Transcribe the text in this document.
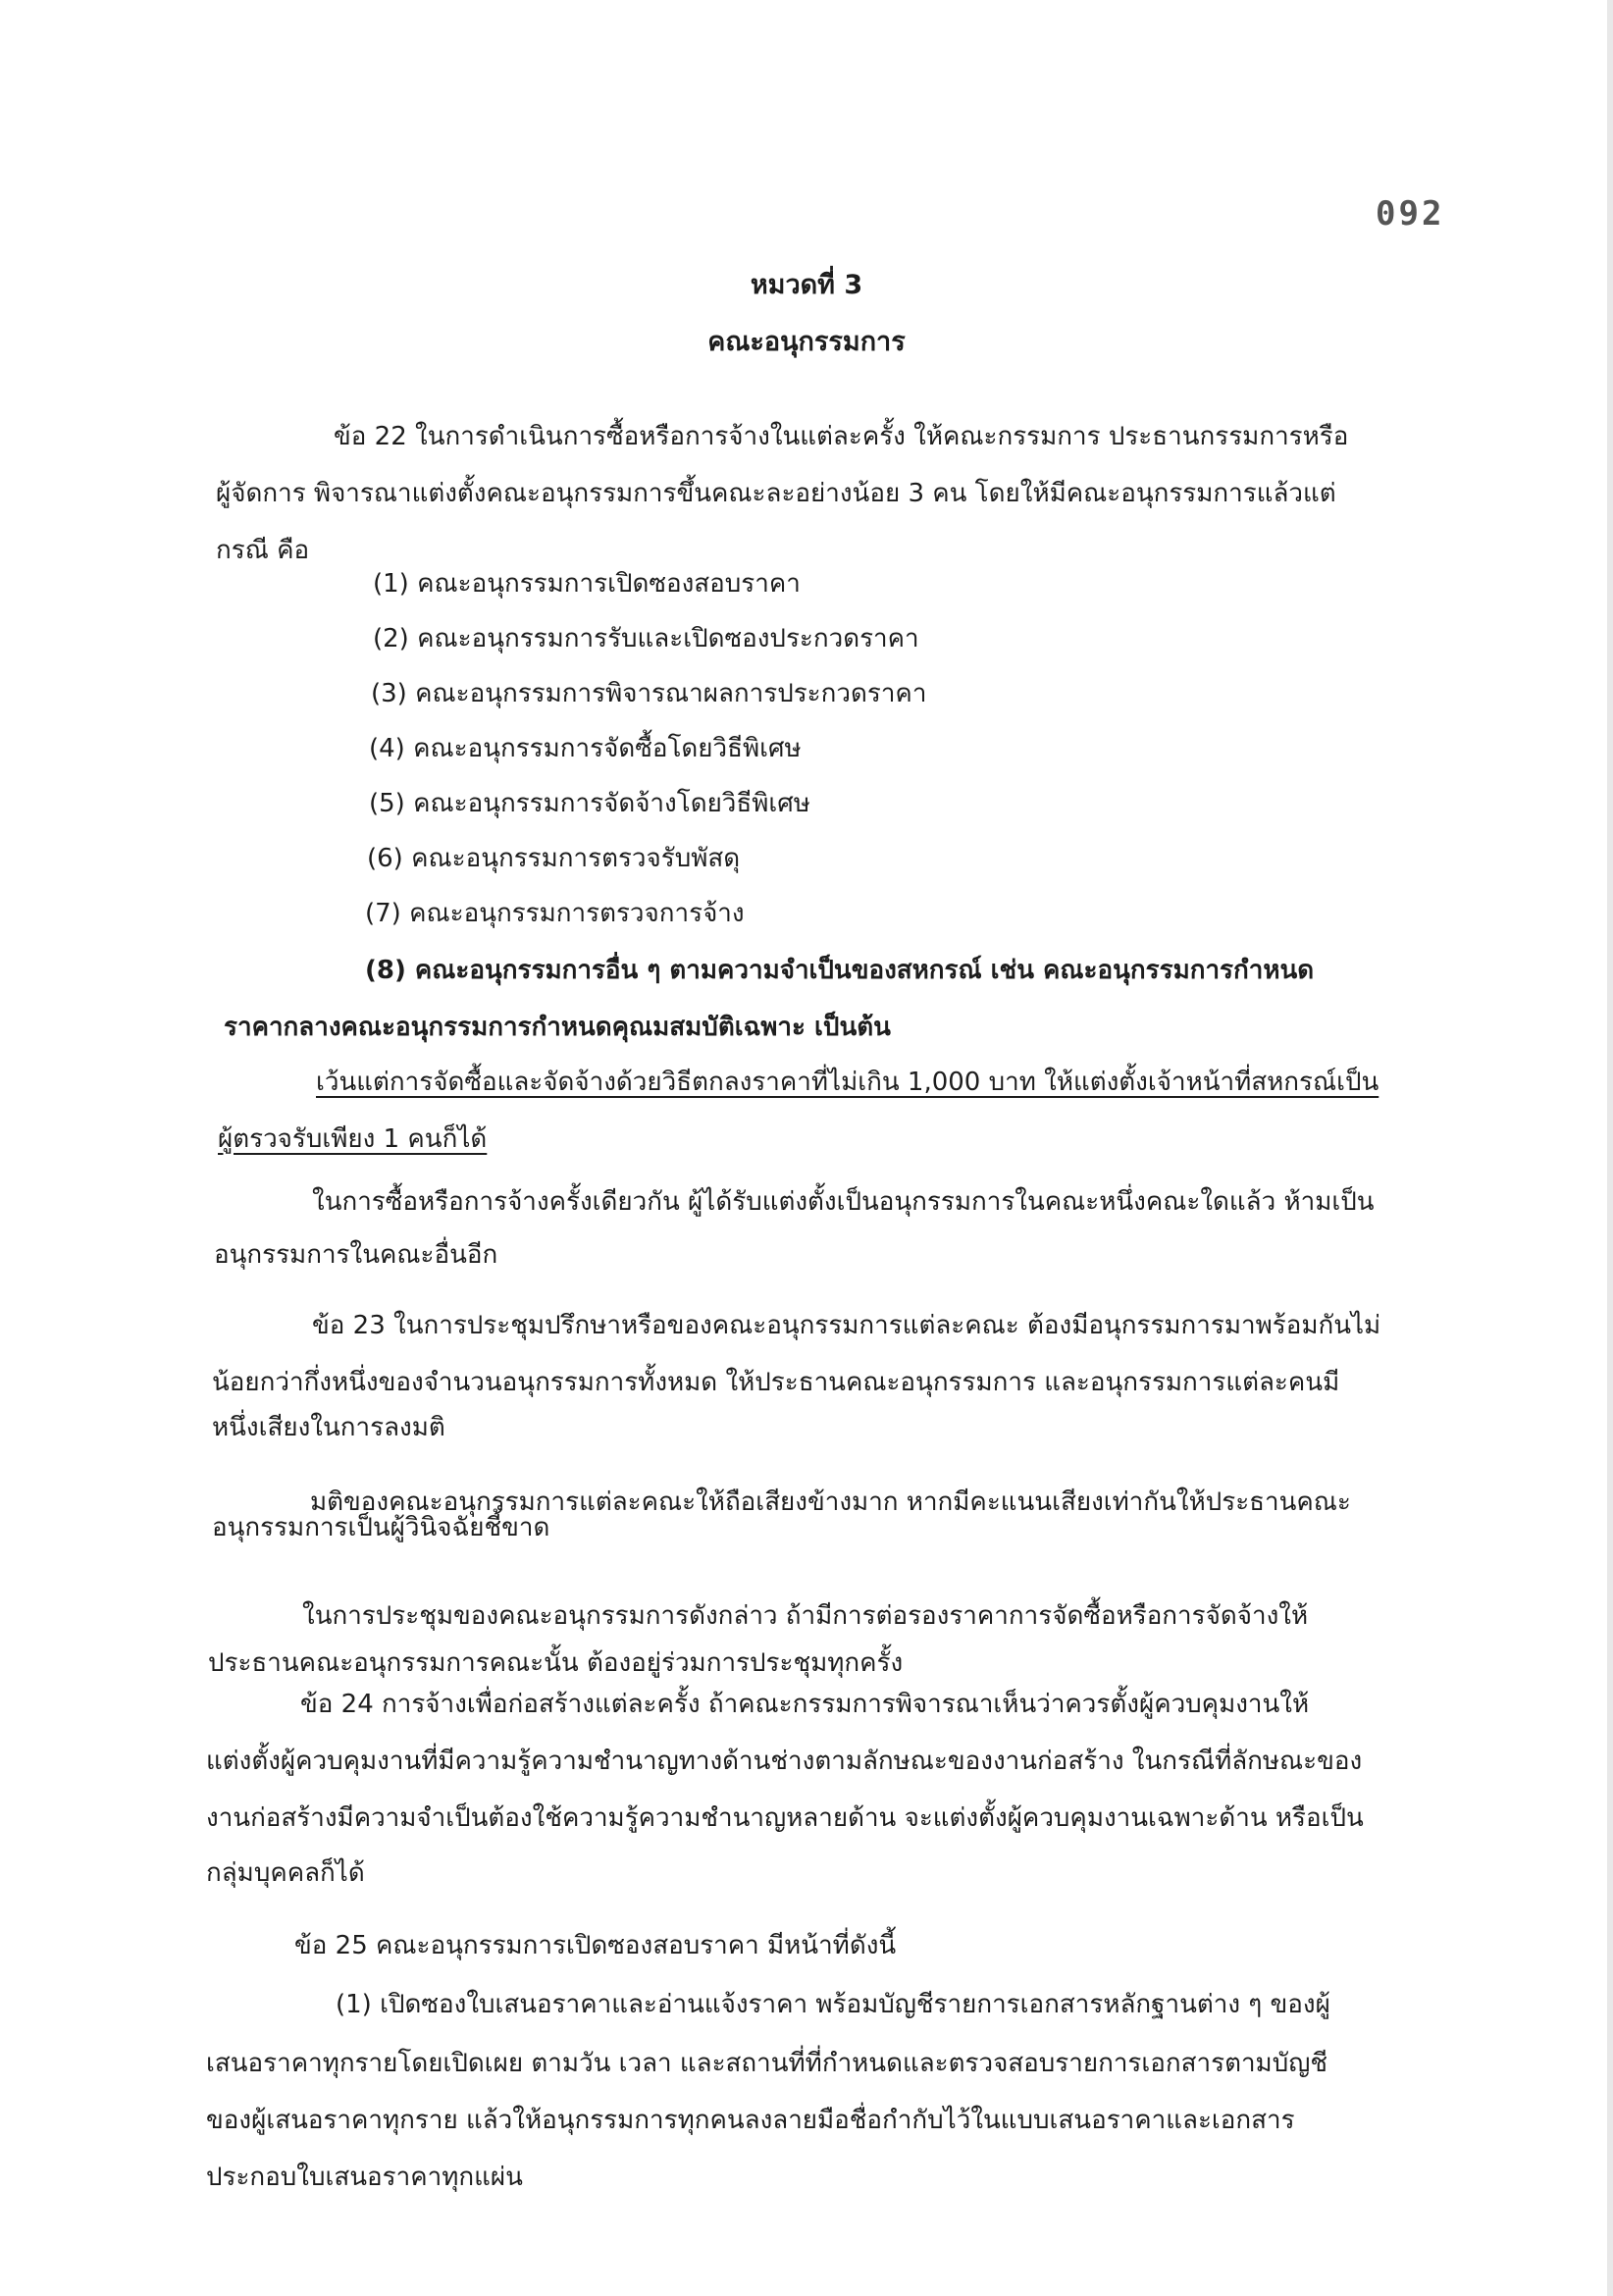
092
หมวดที่ 3
คณะอนุกรรมการ
ข้อ 22 ในการดำเนินการซื้อหรือการจ้างในแต่ละครั้ง ให้คณะกรรมการ ประธานกรรมการหรือ
ผู้จัดการ พิจารณาแต่งตั้งคณะอนุกรรมการขึ้นคณะละอย่างน้อย 3 คน โดยให้มีคณะอนุกรรมการแล้วแต่
กรณี คือ
(1) คณะอนุกรรมการเปิดซองสอบราคา
(2) คณะอนุกรรมการรับและเปิดซองประกวดราคา
(3) คณะอนุกรรมการพิจารณาผลการประกวดราคา
(4) คณะอนุกรรมการจัดซื้อโดยวิธีพิเศษ
(5) คณะอนุกรรมการจัดจ้างโดยวิธีพิเศษ
(6) คณะอนุกรรมการตรวจรับพัสดุ
(7) คณะอนุกรรมการตรวจการจ้าง
(8) คณะอนุกรรมการอื่น ๆ ตามความจำเป็นของสหกรณ์ เช่น คณะอนุกรรมการกำหนด
ราคากลางคณะอนุกรรมการกำหนดคุณมสมบัติเฉพาะ เป็นต้น
เว้นแต่การจัดซื้อและจัดจ้างด้วยวิธีตกลงราคาที่ไม่เกิน 1,000 บาท ให้แต่งตั้งเจ้าหน้าที่สหกรณ์เป็น
ผู้ตรวจรับเพียง 1 คนก็ได้
ในการซื้อหรือการจ้างครั้งเดียวกัน ผู้ได้รับแต่งตั้งเป็นอนุกรรมการในคณะหนึ่งคณะใดแล้ว ห้ามเป็น
อนุกรรมการในคณะอื่นอีก
ข้อ 23 ในการประชุมปรึกษาหรือของคณะอนุกรรมการแต่ละคณะ ต้องมีอนุกรรมการมาพร้อมกันไม่
น้อยกว่ากึ่งหนึ่งของจำนวนอนุกรรมการทั้งหมด ให้ประธานคณะอนุกรรมการ และอนุกรรมการแต่ละคนมี
หนึ่งเสียงในการลงมติ
มติของคณะอนุกรรมการแต่ละคณะให้ถือเสียงข้างมาก หากมีคะแนนเสียงเท่ากันให้ประธานคณะ
อนุกรรมการเป็นผู้วินิจฉัยชี้ขาด
ในการประชุมของคณะอนุกรรมการดังกล่าว ถ้ามีการต่อรองราคาการจัดซื้อหรือการจัดจ้างให้
ประธานคณะอนุกรรมการคณะนั้น ต้องอยู่ร่วมการประชุมทุกครั้ง
ข้อ 24 การจ้างเพื่อก่อสร้างแต่ละครั้ง ถ้าคณะกรรมการพิจารณาเห็นว่าควรตั้งผู้ควบคุมงานให้
แต่งตั้งผู้ควบคุมงานที่มีความรู้ความชำนาญทางด้านช่างตามลักษณะของงานก่อสร้าง ในกรณีที่ลักษณะของ
งานก่อสร้างมีความจำเป็นต้องใช้ความรู้ความชำนาญหลายด้าน จะแต่งตั้งผู้ควบคุมงานเฉพาะด้าน หรือเป็น
กลุ่มบุคคลก็ได้
ข้อ 25 คณะอนุกรรมการเปิดซองสอบราคา มีหน้าที่ดังนี้
(1) เปิดซองใบเสนอราคาและอ่านแจ้งราคา พร้อมบัญชีรายการเอกสารหลักฐานต่าง ๆ ของผู้
เสนอราคาทุกรายโดยเปิดเผย ตามวัน เวลา และสถานที่ที่กำหนดและตรวจสอบรายการเอกสารตามบัญชี
ของผู้เสนอราคาทุกราย แล้วให้อนุกรรมการทุกคนลงลายมือชื่อกำกับไว้ในแบบเสนอราคาและเอกสาร
ประกอบใบเสนอราคาทุกแผ่น
